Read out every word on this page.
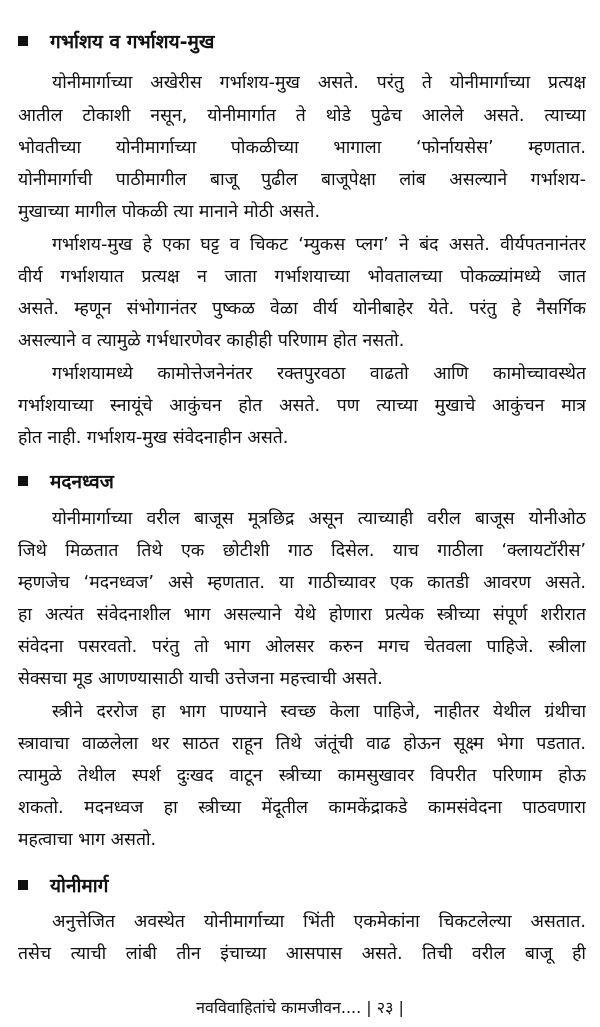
गर्भाशय व गर्भाशय-मुख
योनीमार्गाच्या अखेरीस गर्भाशय-मुख असते. परंतु ते योनीमार्गाच्या प्रत्यक्ष
आतील टोकाशी नसून, योनीमार्गात ते थोडे पुढेच आलेले असते. त्याच्या
भोवतीच्या योनीमार्गाच्या पोकळीच्या भागाला ‘फोर्नायसेस’ म्हणतात.
योनीमार्गाची पाठीमागील बाजू पुढील बाजूपेक्षा लांब असल्याने गर्भाशय-
मुखाच्या मागील पोकळी त्या मानाने मोठी असते.
गर्भाशय-मुख हे एका घट्ट व चिकट ‘म्युकस प्लग’ ने बंद असते. वीर्यपतनानंतर
वीर्य गर्भाशयात प्रत्यक्ष न जाता गर्भाशयाच्या भोवतालच्या पोकळ्यांमध्ये जात
असते. म्हणून संभोगानंतर पुष्कळ वेळा वीर्य योनीबाहेर येते. परंतु हे नैसर्गिक
असल्याने व त्यामुळे गर्भधारणेवर काहीही परिणाम होत नसतो.
गर्भाशयामध्ये कामोत्तेजनेनंतर रक्तपुरवठा वाढतो आणि कामोच्चावस्थेत
गर्भाशयाच्या स्नायूंचे आकुंचन होत असते. पण त्याच्या मुखाचे आकुंचन मात्र
होत नाही. गर्भाशय-मुख संवेदनाहीन असते.
मदनध्वज
योनीमार्गाच्या वरील बाजूस मूत्रछिद्र असून त्याच्याही वरील बाजूस योनीओठ
जिथे मिळतात तिथे एक छोटीशी गाठ दिसेल. याच गाठीला ‘क्लायटॉरीस’
म्हणजेच ‘मदनध्वज’ असे म्हणतात. या गाठीच्यावर एक कातडी आवरण असते.
हा अत्यंत संवेदनाशील भाग असल्याने येथे होणारा प्रत्येक स्त्रीच्या संपूर्ण शरीरात
संवेदना पसरवतो. परंतु तो भाग ओलसर करुन मगच चेतवला पाहिजे. स्त्रीला
सेक्सचा मूड आणण्यासाठी याची उत्तेजना महत्त्वाची असते.
स्त्रीने दररोज हा भाग पाण्याने स्वच्छ केला पाहिजे, नाहीतर येथील ग्रंथीचा
स्त्रावाचा वाळलेला थर साठत राहून तिथे जंतूंची वाढ होऊन सूक्ष्म भेगा पडतात.
त्यामुळे तेथील स्पर्श दुःखद वाटून स्त्रीच्या कामसुखावर विपरीत परिणाम होऊ
शकतो. मदनध्वज हा स्त्रीच्या मेंदूतील कामकेंद्राकडे कामसंवेदना पाठवणारा
महत्वाचा भाग असतो.
योनीमार्ग
अनुत्तेजित अवस्थेत योनीमार्गाच्या भिंती एकमेकांना चिकटलेल्या असतात.
तसेच त्याची लांबी तीन इंचाच्या आसपास असते. तिची वरील बाजू ही
नवविवाहितांचे कामजीवन.... | २३ |
